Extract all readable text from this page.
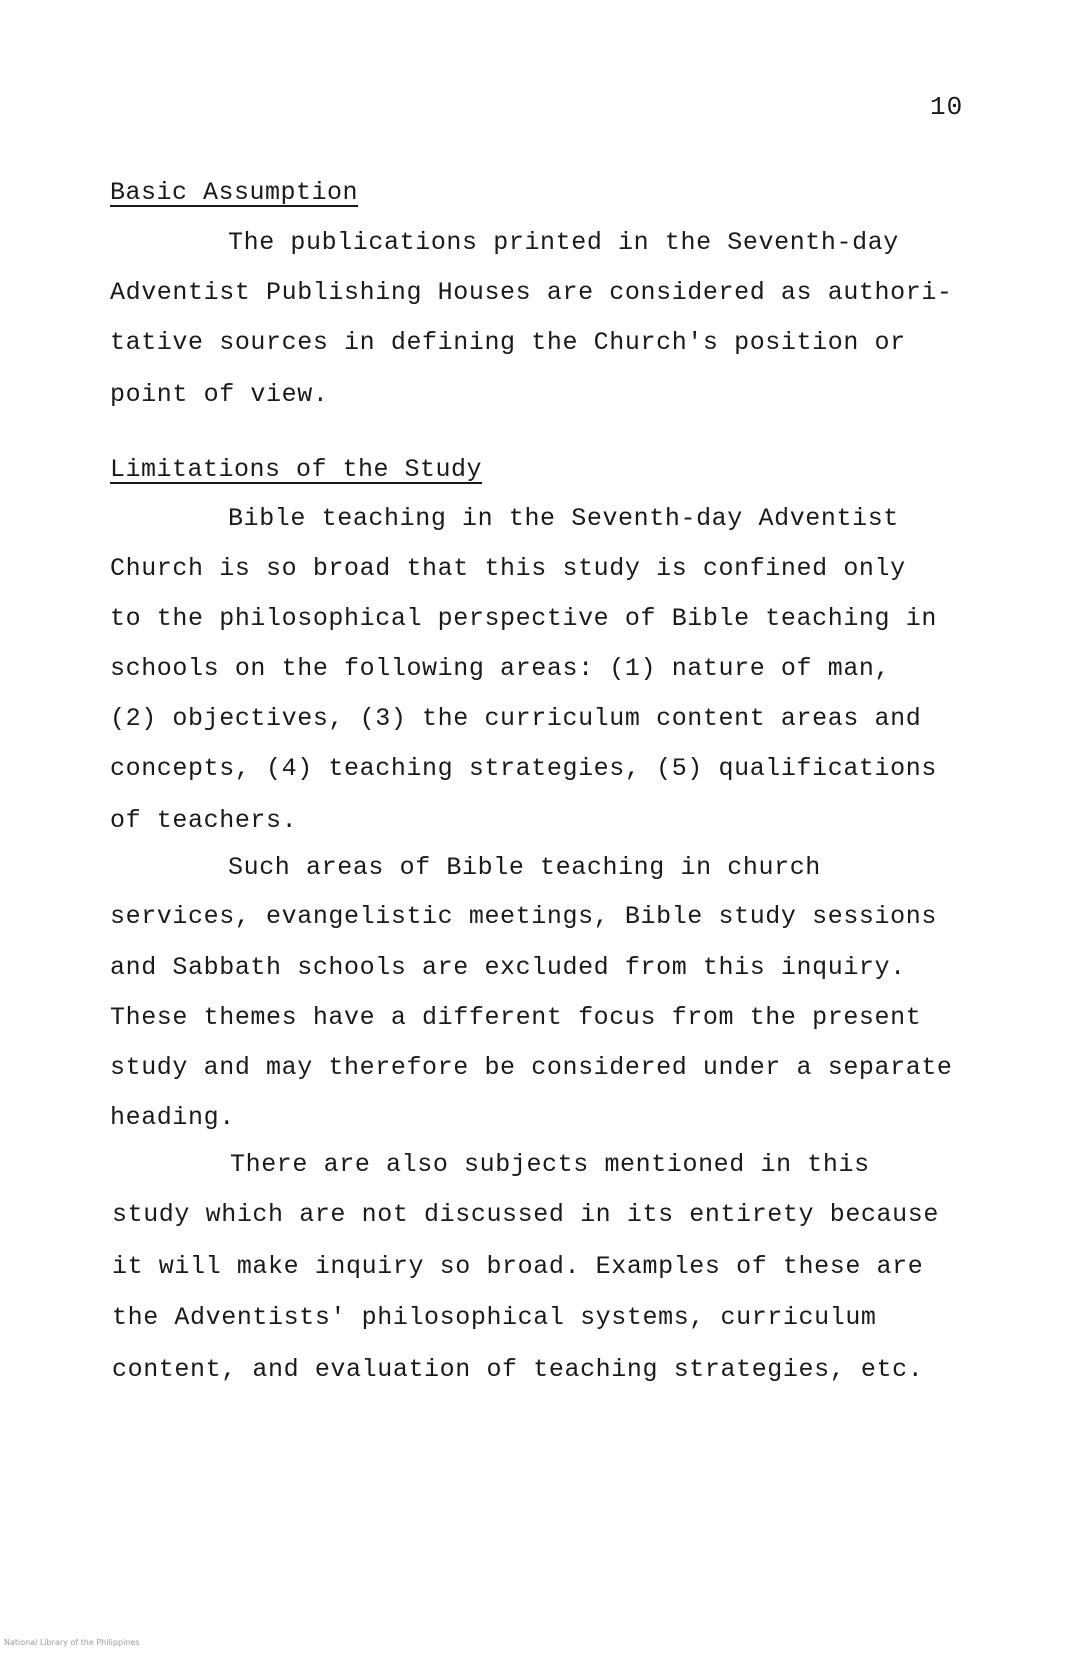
10
Basic Assumption
The publications printed in the Seventh-day
Adventist Publishing Houses are considered as authori-
tative sources in defining the Church's position or
point of view.
Limitations of the Study
Bible teaching in the Seventh-day Adventist
Church is so broad that this study is confined only
to the philosophical perspective of Bible teaching in
schools on the following areas: (1) nature of man,
(2) objectives, (3) the curriculum content areas and
concepts, (4) teaching strategies, (5) qualifications
of teachers.
Such areas of Bible teaching in church
services, evangelistic meetings, Bible study sessions
and Sabbath schools are excluded from this inquiry.
These themes have a different focus from the present
study and may therefore be considered under a separate
heading.
There are also subjects mentioned in this
study which are not discussed in its entirety because
it will make inquiry so broad. Examples of these are
the Adventists' philosophical systems, curriculum
content, and evaluation of teaching strategies, etc.
National Library of the Philippines
